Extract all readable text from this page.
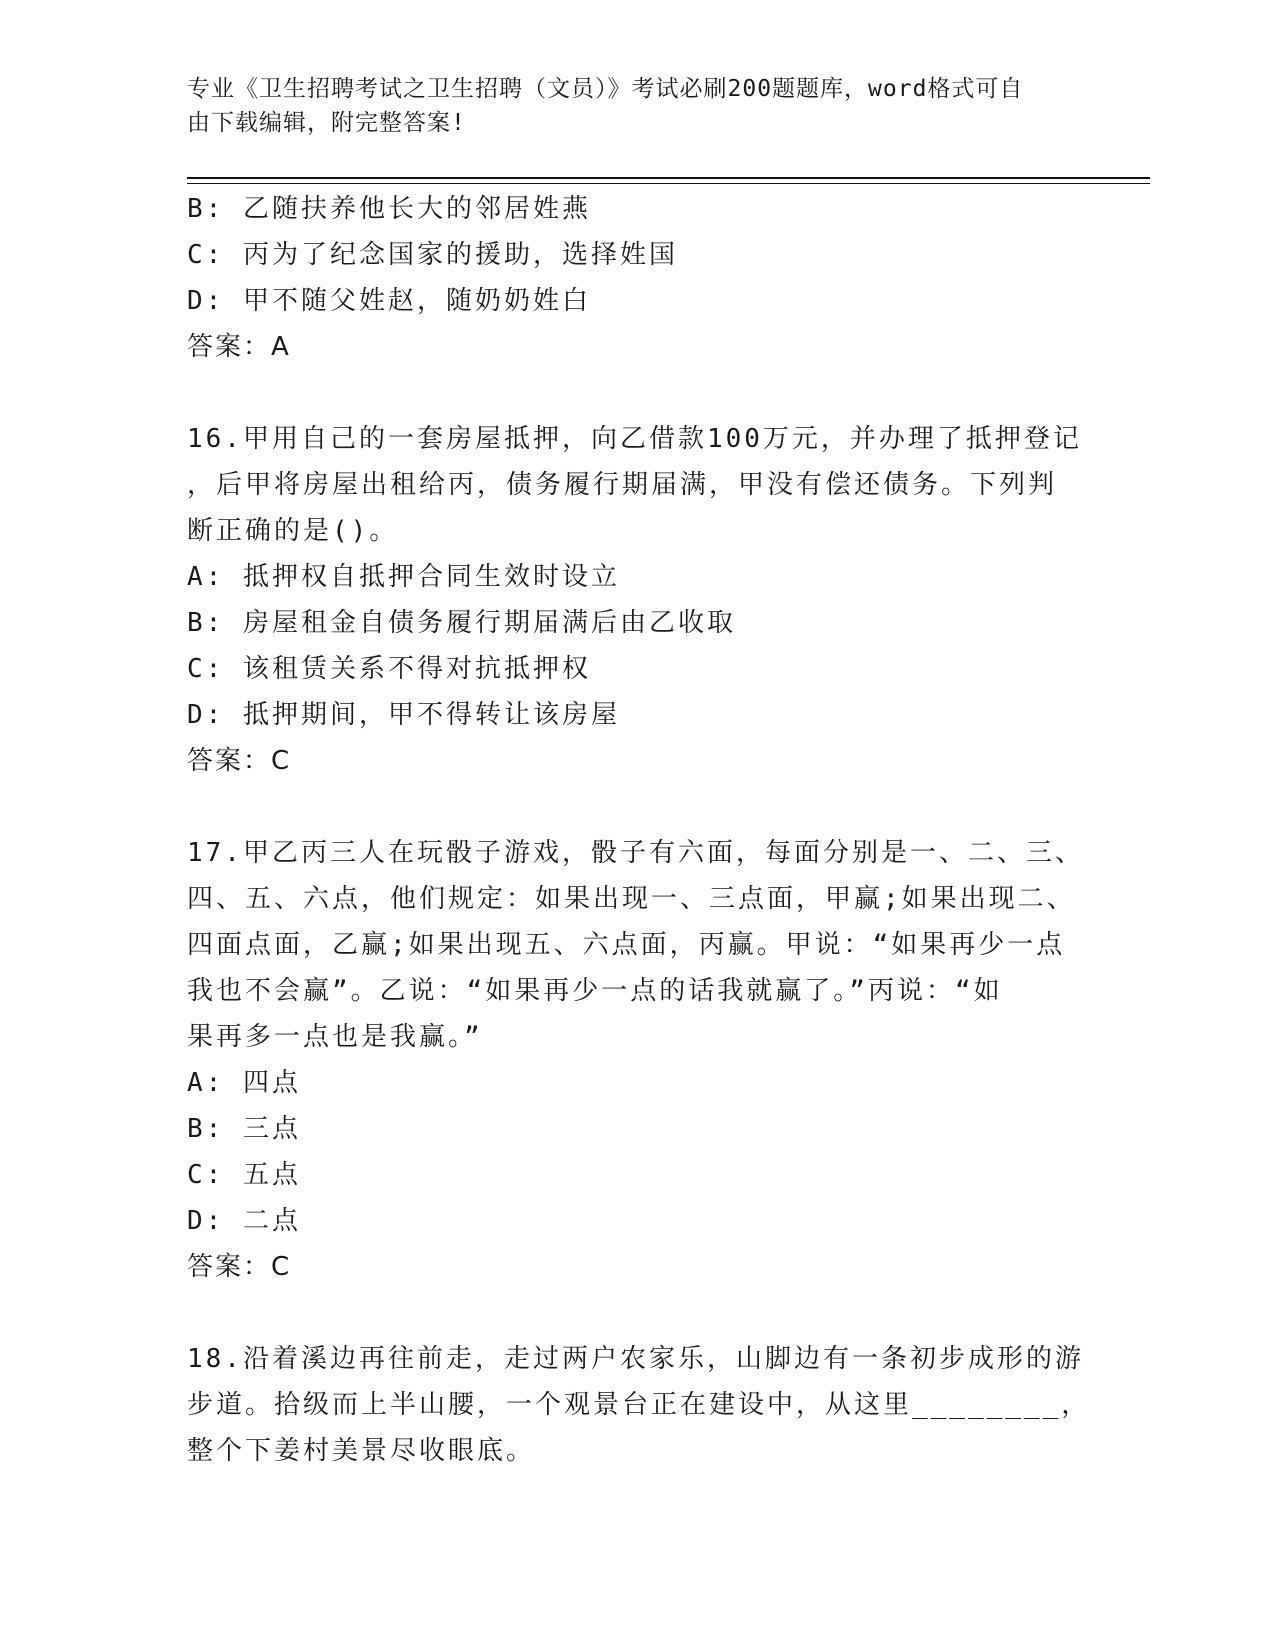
专业《卫生招聘考试之卫生招聘（文员）》考试必刷200题题库，word格式可自
由下载编辑，附完整答案!
B: 乙随扶养他长大的邻居姓燕
C: 丙为了纪念国家的援助，选择姓国
D: 甲不随父姓赵，随奶奶姓白
答案：A
16.甲用自己的一套房屋抵押，向乙借款100万元，并办理了抵押登记
，后甲将房屋出租给丙，债务履行期届满，甲没有偿还债务。下列判
断正确的是()。
A: 抵押权自抵押合同生效时设立
B: 房屋租金自债务履行期届满后由乙收取
C: 该租赁关系不得对抗抵押权
D: 抵押期间，甲不得转让该房屋
答案：C
17.甲乙丙三人在玩骰子游戏，骰子有六面，每面分别是一、二、三、
四、五、六点，他们规定：如果出现一、三点面，甲赢;如果出现二、
四面点面，乙赢;如果出现五、六点面，丙赢。甲说：“如果再少一点
我也不会赢”。乙说：“如果再少一点的话我就赢了。”丙说：“如
果再多一点也是我赢。”
A: 四点
B: 三点
C: 五点
D: 二点
答案：C
18.沿着溪边再往前走，走过两户农家乐，山脚边有一条初步成形的游
步道。拾级而上半山腰，一个观景台正在建设中，从这里________，
整个下姜村美景尽收眼底。
